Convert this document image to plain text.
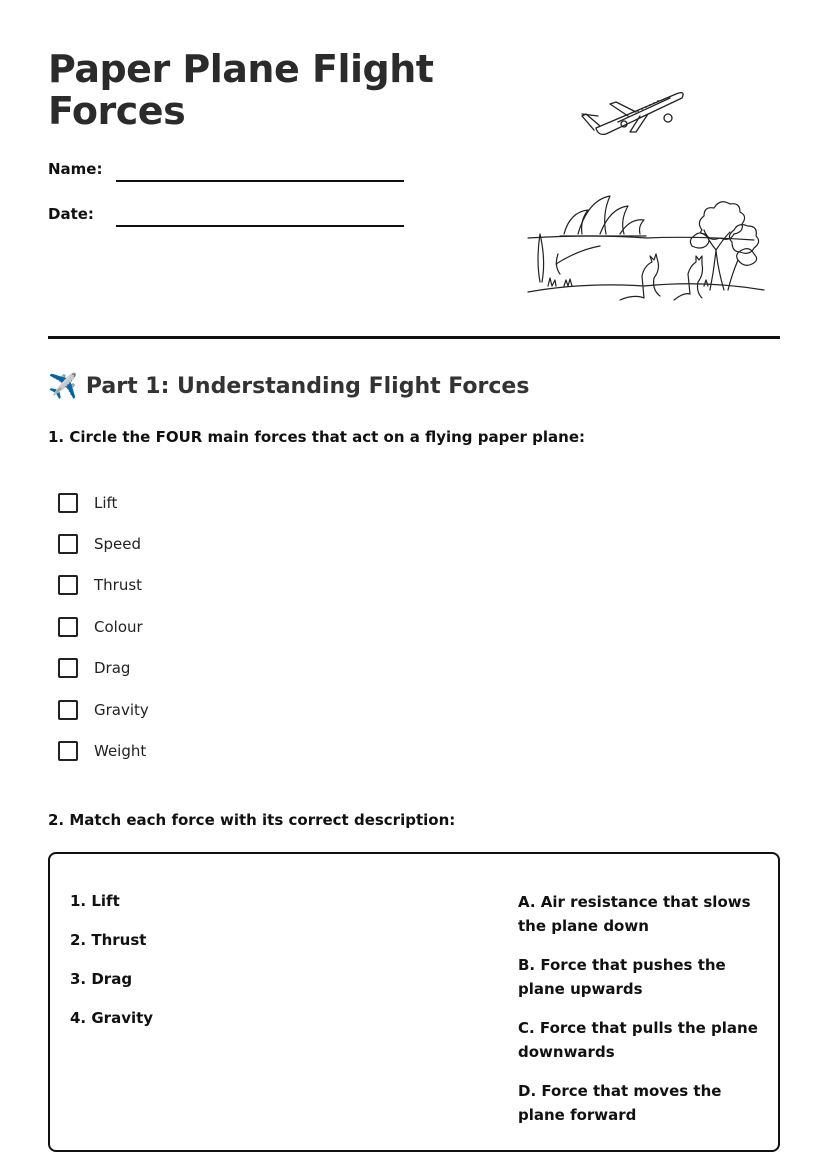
Paper Plane Flight Forces
Name:
Date:
✈️ Part 1: Understanding Flight Forces
1. Circle the FOUR main forces that act on a flying paper plane:
Lift
Speed
Thrust
Colour
Drag
Gravity
Weight
2. Match each force with its correct description:
1. Lift
2. Thrust
3. Drag
4. Gravity
A. Air resistance that slows the plane down
B. Force that pushes the plane upwards
C. Force that pulls the plane downwards
D. Force that moves the plane forward
